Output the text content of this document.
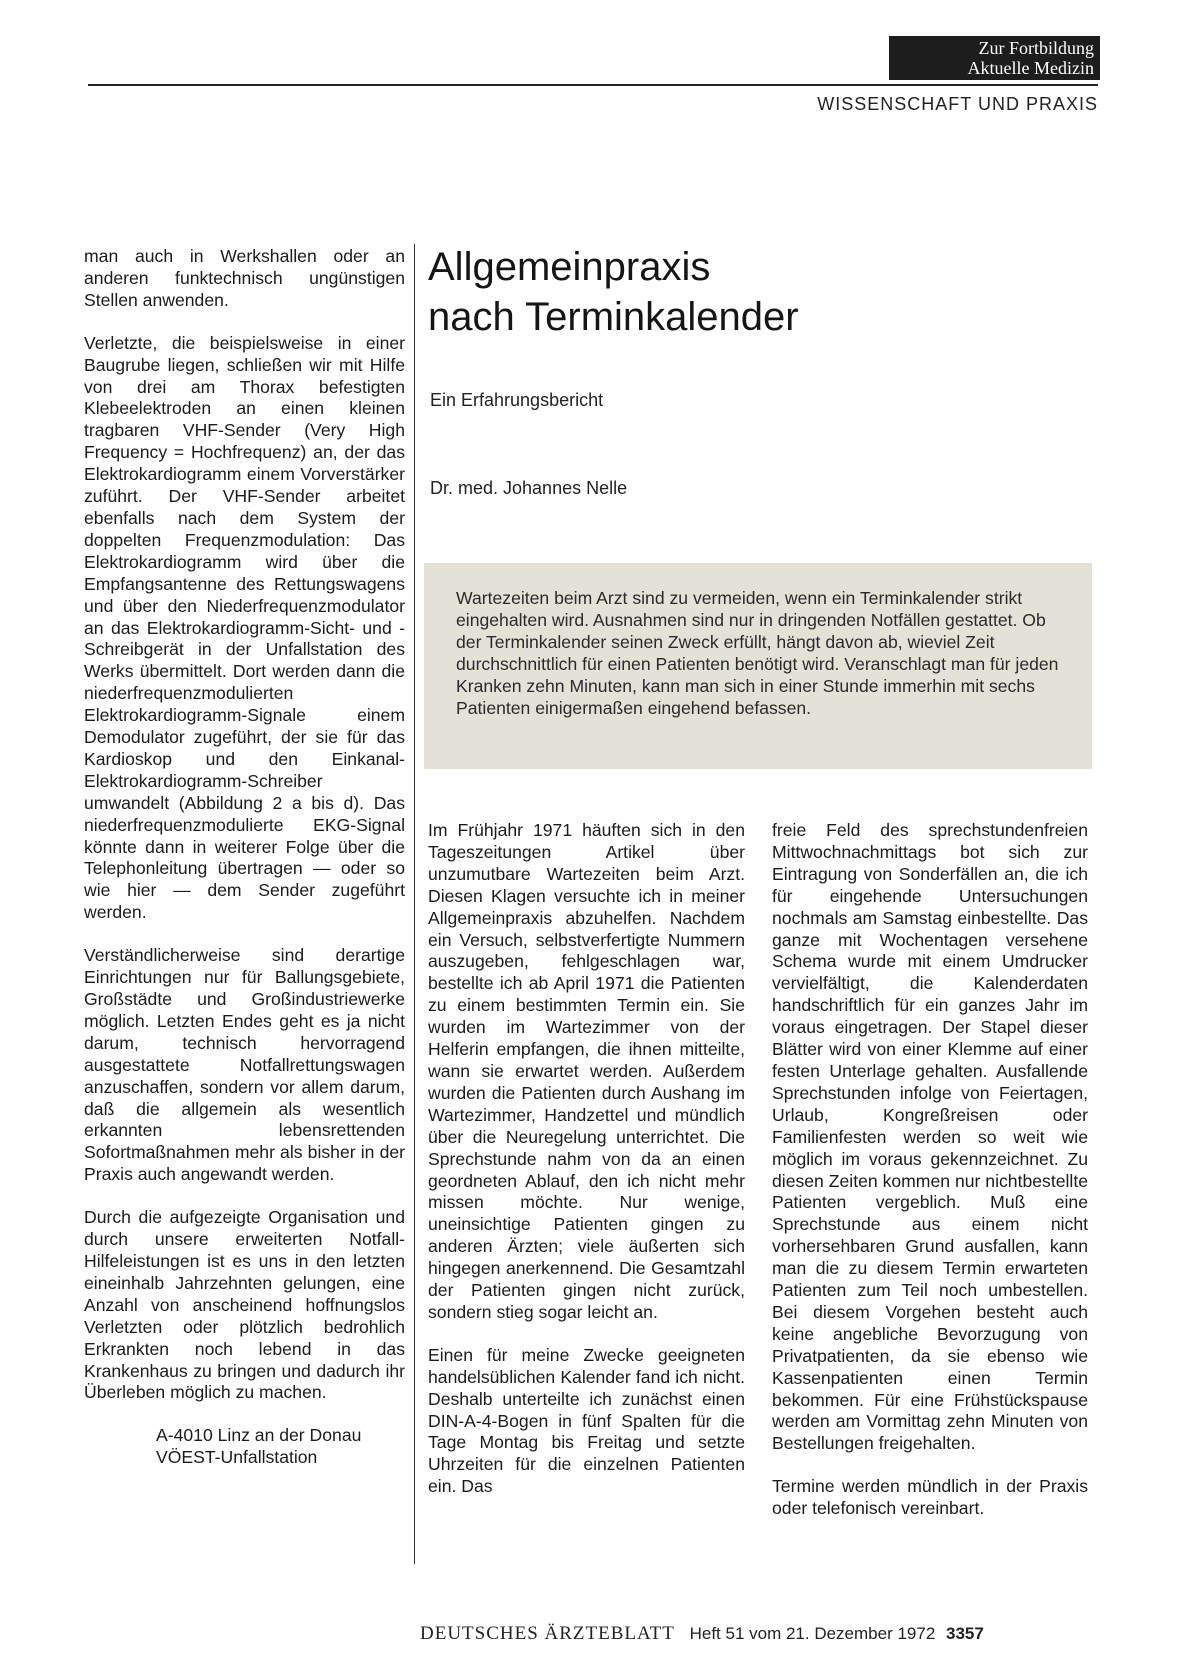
Zur Fortbildung
Aktuelle Medizin
WISSENSCHAFT UND PRAXIS

man auch in Werkshallen oder an anderen funktechnisch ungünstigen Stellen anwenden.

Verletzte, die beispielsweise in einer Baugrube liegen, schließen wir mit Hilfe von drei am Thorax befestigten Klebeelektroden an einen kleinen tragbaren VHF-Sender (Very High Frequency = Hochfrequenz) an, der das Elektrokardiogramm einem Vorverstärker zuführt. Der VHF-Sender arbeitet ebenfalls nach dem System der doppelten Frequenzmodulation: Das Elektrokardiogramm wird über die Empfangsantenne des Rettungswagens und über den Niederfrequenzmodulator an das Elektrokardiogramm-Sicht- und -Schreibgerät in der Unfallstation des Werks übermittelt. Dort werden dann die niederfrequenzmodulierten Elektrokardiogramm-Signale einem Demodulator zugeführt, der sie für das Kardioskop und den Einkanal-Elektrokardiogramm-Schreiber umwandelt (Abbildung 2 a bis d). Das niederfrequenzmodulierte EKG-Signal könnte dann in weiterer Folge über die Telephonleitung übertragen — oder so wie hier — dem Sender zugeführt werden.

Verständlicherweise sind derartige Einrichtungen nur für Ballungsgebiete, Großstädte und Großindustriewerke möglich. Letzten Endes geht es ja nicht darum, technisch hervorragend ausgestattete Notfallrettungswagen anzuschaffen, sondern vor allem darum, daß die allgemein als wesentlich erkannten lebensrettenden Sofortmaßnahmen mehr als bisher in der Praxis auch angewandt werden.

Durch die aufgezeigte Organisation und durch unsere erweiterten Notfall-Hilfeleistungen ist es uns in den letzten eineinhalb Jahrzehnten gelungen, eine Anzahl von anscheinend hoffnungslos Verletzten oder plötzlich bedrohlich Erkrankten noch lebend in das Krankenhaus zu bringen und dadurch ihr Überleben möglich zu machen.

A-4010 Linz an der Donau
VÖEST-Unfallstation
Allgemeinpraxis
nach Terminkalender
Ein Erfahrungsbericht
Dr. med. Johannes Nelle
Wartezeiten beim Arzt sind zu vermeiden, wenn ein Terminkalender strikt eingehalten wird. Ausnahmen sind nur in dringenden Notfällen gestattet. Ob der Terminkalender seinen Zweck erfüllt, hängt davon ab, wieviel Zeit durchschnittlich für einen Patienten benötigt wird. Veranschlagt man für jeden Kranken zehn Minuten, kann man sich in einer Stunde immerhin mit sechs Patienten einigermaßen eingehend befassen.

Im Frühjahr 1971 häuften sich in den Tageszeitungen Artikel über unzumutbare Wartezeiten beim Arzt. Diesen Klagen versuchte ich in meiner Allgemeinpraxis abzuhelfen. Nachdem ein Versuch, selbstverfertigte Nummern auszugeben, fehlgeschlagen war, bestellte ich ab April 1971 die Patienten zu einem bestimmten Termin ein. Sie wurden im Wartezimmer von der Helferin empfangen, die ihnen mitteilte, wann sie erwartet werden. Außerdem wurden die Patienten durch Aushang im Wartezimmer, Handzettel und mündlich über die Neuregelung unterrichtet. Die Sprechstunde nahm von da an einen geordneten Ablauf, den ich nicht mehr missen möchte. Nur wenige, uneinsichtige Patienten gingen zu anderen Ärzten; viele äußerten sich hingegen anerkennend. Die Gesamtzahl der Patienten gingen nicht zurück, sondern stieg sogar leicht an.

Einen für meine Zwecke geeigneten handelsüblichen Kalender fand ich nicht. Deshalb unterteilte ich zunächst einen DIN-A-4-Bogen in fünf Spalten für die Tage Montag bis Freitag und setzte Uhrzeiten für die einzelnen Patienten ein. Das

freie Feld des sprechstundenfreien Mittwochnachmittags bot sich zur Eintragung von Sonderfällen an, die ich für eingehende Untersuchungen nochmals am Samstag einbestellte. Das ganze mit Wochentagen versehene Schema wurde mit einem Umdrucker vervielfältigt, die Kalenderdaten handschriftlich für ein ganzes Jahr im voraus eingetragen. Der Stapel dieser Blätter wird von einer Klemme auf einer festen Unterlage gehalten. Ausfallende Sprechstunden infolge von Feiertagen, Urlaub, Kongreßreisen oder Familienfesten werden so weit wie möglich im voraus gekennzeichnet. Zu diesen Zeiten kommen nur nichtbestellte Patienten vergeblich. Muß eine Sprechstunde aus einem nicht vorhersehbaren Grund ausfallen, kann man die zu diesem Termin erwarteten Patienten zum Teil noch umbestellen. Bei diesem Vorgehen besteht auch keine angebliche Bevorzugung von Privatpatienten, da sie ebenso wie Kassenpatienten einen Termin bekommen. Für eine Frühstückspause werden am Vormittag zehn Minuten von Bestellungen freigehalten.

Termine werden mündlich in der Praxis oder telefonisch vereinbart.

DEUTSCHES ÄRZTEBLATT Heft 51 vom 21. Dezember 1972 3357
